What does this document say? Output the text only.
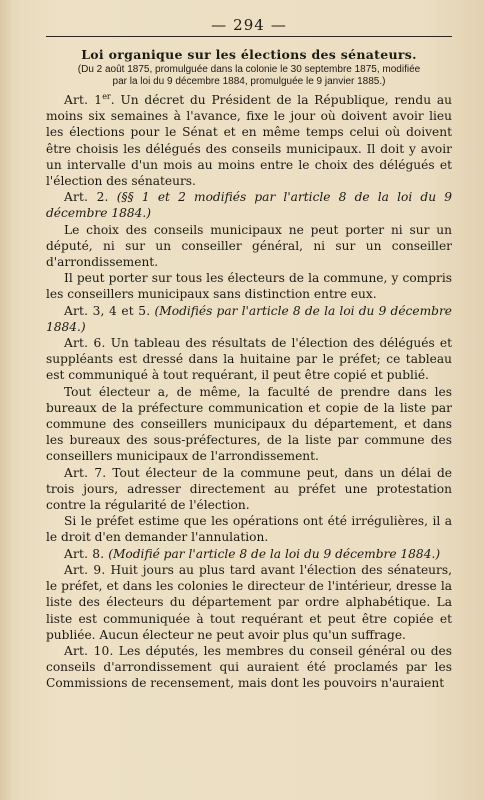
— 294 —
Loi organique sur les élections des sénateurs.
(Du 2 août 1875, promulguée dans la colonie le 30 septembre 1875, modifiée
par la loi du 9 décembre 1884, promulguée le 9 janvier 1885.)

Art. 1er. Un décret du Président de la République, rendu au moins six semaines à l'avance, fixe le jour où doivent avoir lieu les élections pour le Sénat et en même temps celui où doivent être choisis les délégués des conseils municipaux. Il doit y avoir un intervalle d'un mois au moins entre le choix des délégués et l'élection des sénateurs.

Art. 2. (§§ 1 et 2 modifiés par l'article 8 de la loi du 9 décembre 1884.)

Le choix des conseils municipaux ne peut porter ni sur un député, ni sur un conseiller général, ni sur un conseiller d'arrondissement.

Il peut porter sur tous les électeurs de la commune, y compris les conseillers municipaux sans distinction entre eux.

Art. 3, 4 et 5. (Modifiés par l'article 8 de la loi du 9 décembre 1884.)

Art. 6. Un tableau des résultats de l'élection des délégués et suppléants est dressé dans la huitaine par le préfet; ce tableau est communiqué à tout requérant, il peut être copié et publié.

Tout électeur a, de même, la faculté de prendre dans les bureaux de la préfecture communication et copie de la liste par commune des conseillers municipaux du département, et dans les bureaux des sous-préfectures, de la liste par commune des conseillers municipaux de l'arrondissement.

Art. 7. Tout électeur de la commune peut, dans un délai de trois jours, adresser directement au préfet une protestation contre la régularité de l'élection.

Si le préfet estime que les opérations ont été irrégulières, il a le droit d'en demander l'annulation.

Art. 8. (Modifié par l'article 8 de la loi du 9 décembre 1884.)

Art. 9. Huit jours au plus tard avant l'élection des sénateurs, le préfet, et dans les colonies le directeur de l'intérieur, dresse la liste des électeurs du département par ordre alphabétique. La liste est communiquée à tout requérant et peut être copiée et publiée. Aucun électeur ne peut avoir plus qu'un suffrage.

Art. 10. Les députés, les membres du conseil général ou des conseils d'arrondissement qui auraient été proclamés par les Commissions de recensement, mais dont les pouvoirs n'auraient
